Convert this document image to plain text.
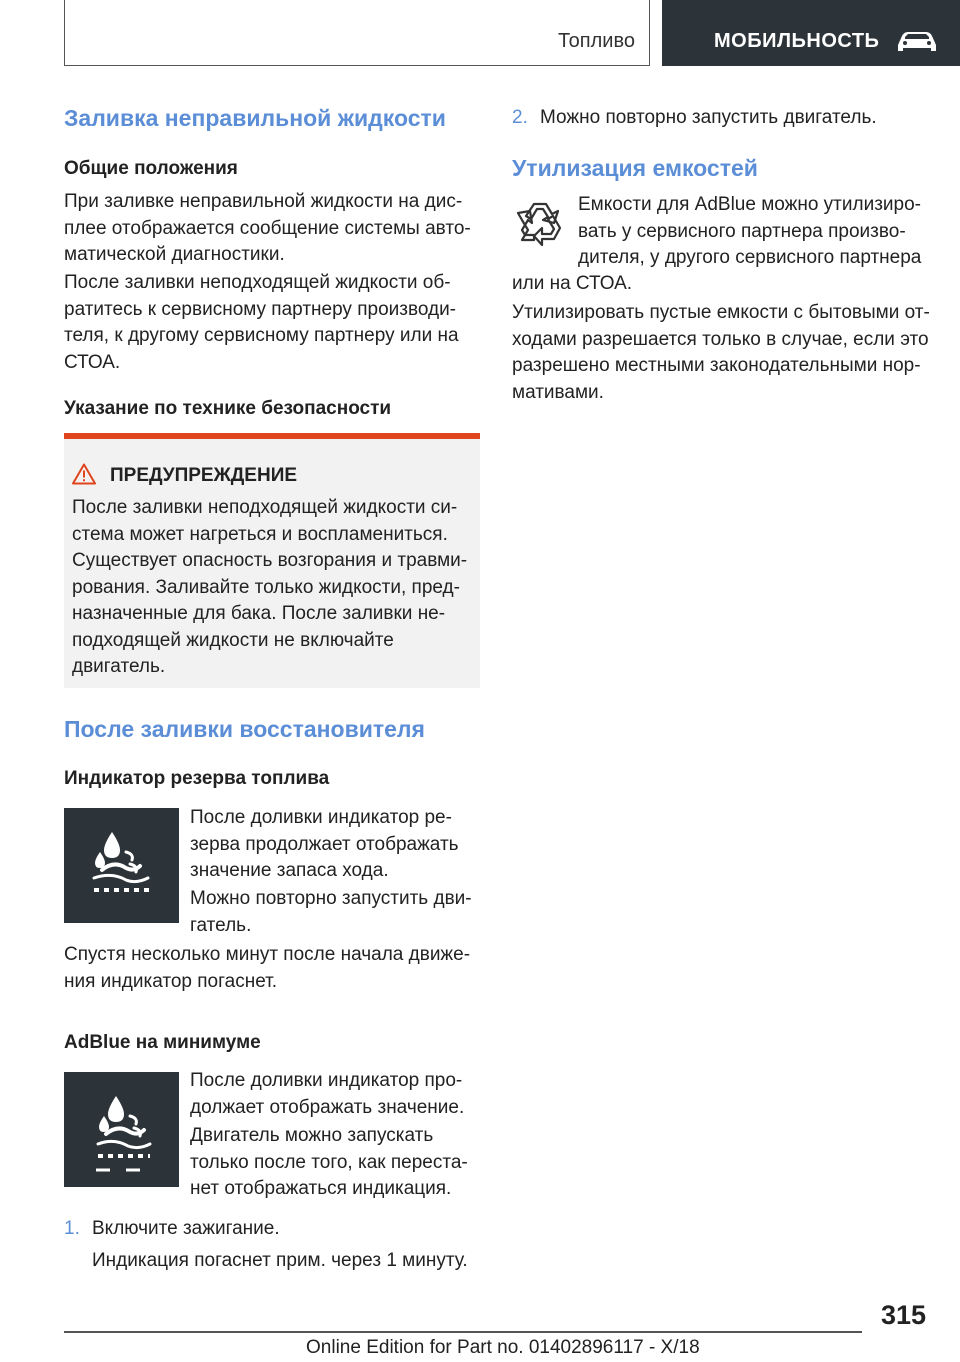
Топливо	МОБИЛЬНОСТЬ
Заливка неправильной жидкости
Общие положения
При заливке неправильной жидкости на дис-
плее отображается сообщение системы авто-
матической диагностики.
После заливки неподходящей жидкости об-
ратитесь к сервисному партнеру производи-
теля, к другому сервисному партнеру или на
СТОА.
Указание по технике безопасности
ПРЕДУПРЕЖДЕНИЕ
После заливки неподходящей жидкости си-
стема может нагреться и воспламениться.
Существует опасность возгорания и травми-
рования. Заливайте только жидкости, пред-
назначенные для бака. После заливки не-
подходящей жидкости не включайте
двигатель.
После заливки восстановителя
Индикатор резерва топлива
После доливки индикатор ре-
зерва продолжает отображать
значение запаса хода.
Можно повторно запустить дви-
гатель.
Спустя несколько минут после начала движе-
ния индикатор погаснет.
AdBlue на минимуме
После доливки индикатор про-
должает отображать значение.
Двигатель можно запускать
только после того, как переста-
нет отображаться индикация.
1. Включите зажигание.
Индикация погаснет прим. через 1 минуту.
2. Можно повторно запустить двигатель.
Утилизация емкостей
Емкости для AdBlue можно утилизиро-
вать у сервисного партнера произво-
дителя, у другого сервисного партнера
или на СТОА.
Утилизировать пустые емкости с бытовыми от-
ходами разрешается только в случае, если это
разрешено местными законодательными нор-
мативами.
315
Online Edition for Part no. 01402896117 - X/18
